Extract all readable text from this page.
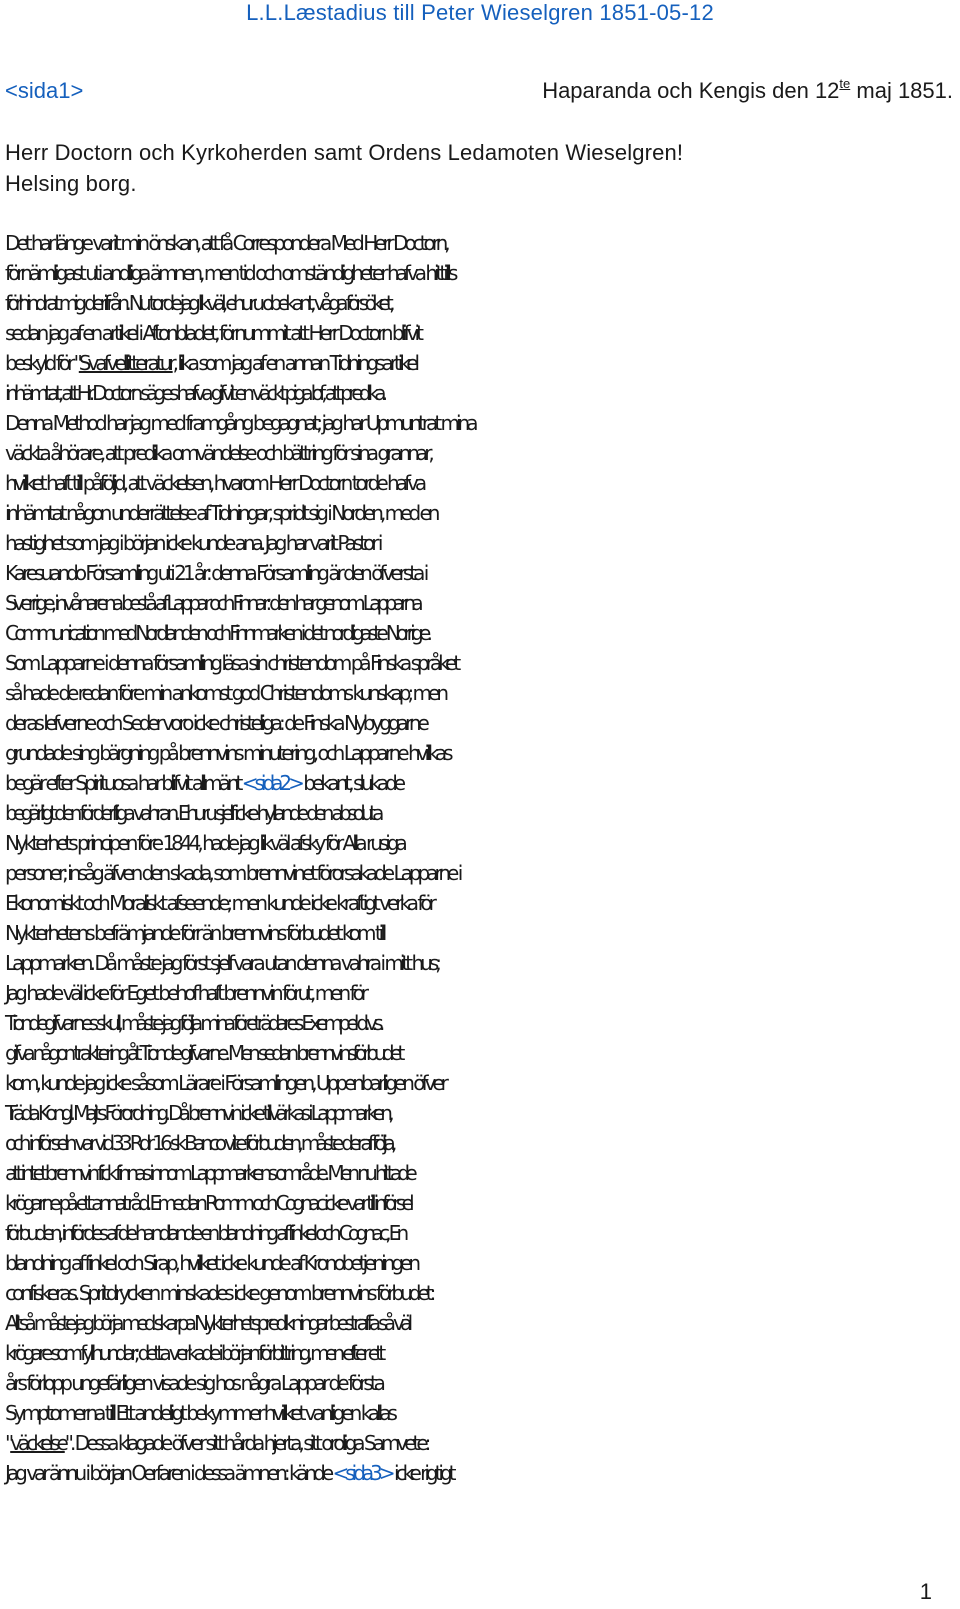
L.L.Læstadius till Peter Wieselgren 1851-05-12
<sida1>	Haparanda och Kengis den $12^{te}$ maj 1851.
Herr Doctorn och Kyrkoherden samt Ordens Ledamoten Wieselgren!
Helsing borg.
Det har länge varit min önskan, att få Correspondera Med Herr Doctorn,
förnämligast uti andliga ämnen, men tid och omständigheter hafva hittills
förhindrat mig derifrån. Nu torde jag likväl, ehuru obekant, våga försöket,
sedan jag af en artikel i Aftonbladet, förnummit att Herr Doctorn blifvit
beskyld för "Svafvellitteratur, lika som jag af en annan Tidningsartikel
inhämtat, att Hr. Doctorn säges hafva gifvit en väckt piga lof, att predika.
Denna Method har jag med framgång begagnat; jag har Upmuntrat mina
väckta åhörare, att predika omvändelse och bättring för sina grannar,
hvilket haft till påföljd, att väckelsen, hvarom Herr Doctorn torde hafva
inhämtat någon underrättelse af Tidningar, spridt sig i Norden, med en
hastighet som jag i början icke kunde ana. Jag har varit Pastor i
Karesuando Församling uti 21 år: denna Församling är den öfversta i
Sverrige, invånarena bestå af Lappar och Finnar: den har genom Lapparna
Communication med Nordlanden och Finnmarken i det nordligaste Norrige.
Som Lapparne i denna församling läsa sin christendom på Finska språket
så hade de redan före min ankomst god Christendoms kunskap; men
deras lefverne och Seder voro icke christeliga: de Finska Nybyggarne
grundade sing bärgning på brennvins minutering, och Lapparne hvilkas
begär efter Spirituosa har blifvit allmänt <sida2> bekant, slukade
begärligt den förderfliga vahran. Ehuru sjelf icke hyllande den absoluta
Nykterhets principen före 1844, hade jag likväl afsky för Alla rusiga
personer; insåg äfven den skada, som brennvinet förorsakade Lapparne i
Ekonomiskt och Moraliskt afseende; men kunde icke kraftigt verka för
Nykterhetens befrämjande förr än brennvins förbudet kom till
Lappmarken. Då måste jag först sjelf vara utan denna vahra i mitt hus;
Jag hade väl icke för Eget behof haft brennvin förut, men för
Tiondegifvarnes skull, måste jag följa mina företrädares Exempel d.v.s.
gifva någon traktering åt Tionde gifvarne. Men sedan brennvinsförbudet
kom, kunde jag icke såsom Lärare i Församlingen, Uppenbarligen öfver
Träda Kongl. Majts Förordning. Då brennvin icke tillvärkas i Lappmarken,
och införseln var vid 33 Rdr 16 sk Banco vite förbuden, måste deraf följa,
att intet brennvin fick finnas innom Lappmarkens område. Men nu hittade
krögarne på ett annat råd. Emedan Romm och Cognac icke var till införsel
förbuden, infördes af de handlande en blandning af finkel och Cognac, En
blandning af finkel och Sirap, hvilket icke kunde af Kronobetjeningen
confiskeras. Spritdrycken minskades icke genom brennvins förbudet:
Alltså måste jag börja med skarpa Nykterhetspredikningar bestraffa så väl
krögare som fyllhundar; detta verkade i början förbittring, men efter ett
års förlopp ungefärligen visade sig hos några Lappar de första
Symptomerna till Ett andeligt bekymmer hvilket vanligen kallas
"väckelse". Dessa klagade öfver sitt hårda hjerta, sitt oroliga Samvete:
Jag var ännu i början Oerfaren i dessa ämnen: kände <sida3> icke rigtigt
1
